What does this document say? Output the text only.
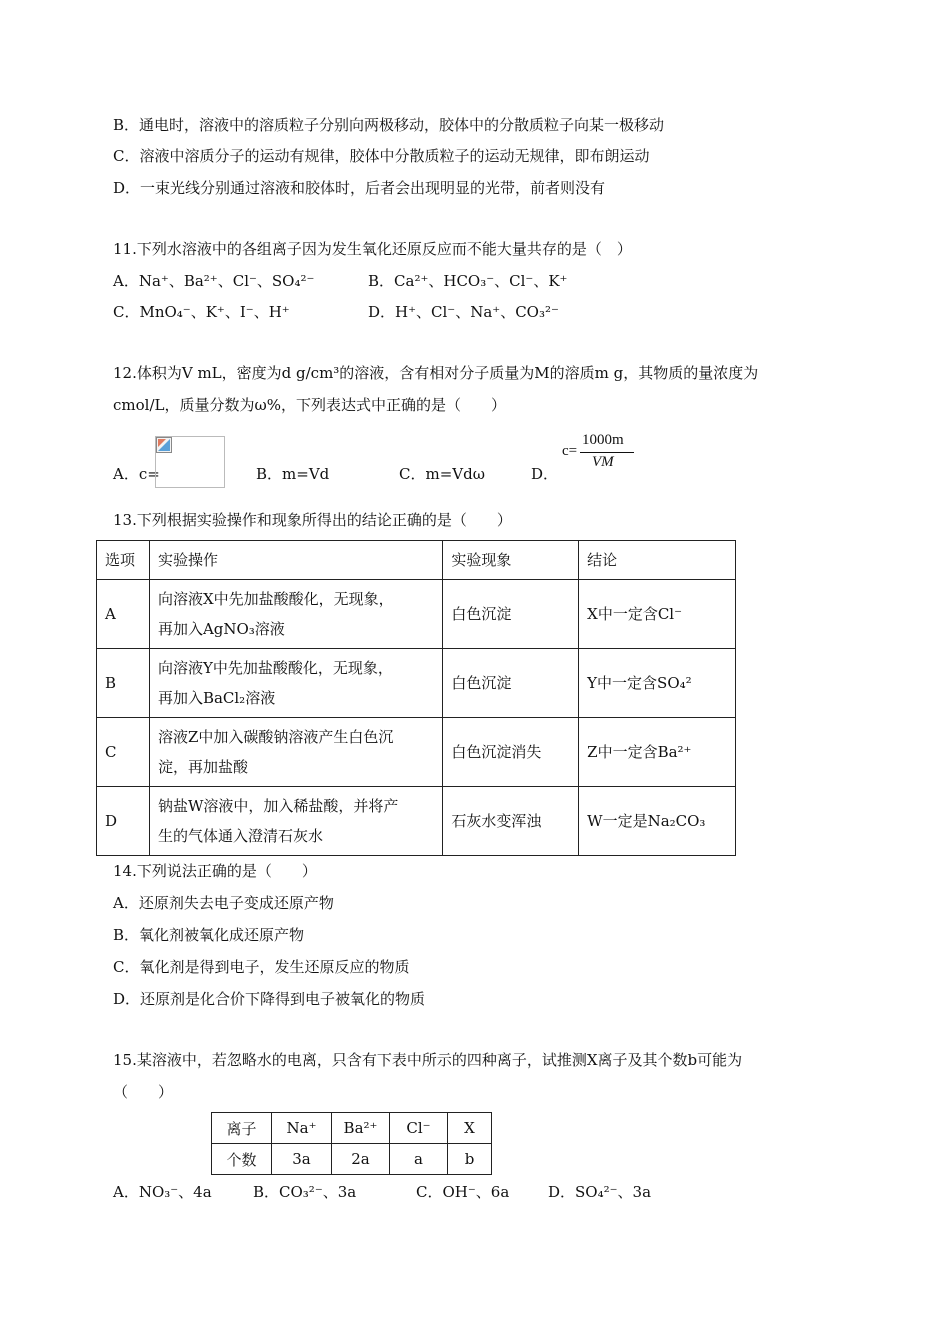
B．通电时，溶液中的溶质粒子分别向两极移动，胶体中的分散质粒子向某一极移动
C．溶液中溶质分子的运动有规律，胶体中分散质粒子的运动无规律，即布朗运动
D．一束光线分别通过溶液和胶体时，后者会出现明显的光带，前者则没有
11.下列水溶液中的各组离子因为发生氧化还原反应而不能大量共存的是（　）
A．Na⁺、Ba²⁺、Cl⁻、SO₄²⁻	B．Ca²⁺、HCO₃⁻、Cl⁻、K⁺
C．MnO₄⁻、K⁺、I⁻、H⁺	D．H⁺、Cl⁻、Na⁺、CO₃²⁻
12.体积为V mL，密度为d g/cm³的溶液，含有相对分子质量为M的溶质m g，其物质的量浓度为
cmol/L，质量分数为ω%，下列表达式中正确的是（　　）
A．c=	B．m=Vd	C．m=Vdω	D．
c=
1000m
VM
13.下列根据实验操作和现象所得出的结论正确的是（　　）
选项	实验操作	实验现象	结论
A	向溶液X中先加盐酸酸化，无现象，
再加入AgNO₃溶液	白色沉淀	X中一定含Cl⁻
B	向溶液Y中先加盐酸酸化，无现象，
再加入BaCl₂溶液	白色沉淀	Y中一定含SO₄²
C	溶液Z中加入碳酸钠溶液产生白色沉
淀，再加盐酸	白色沉淀消失	Z中一定含Ba²⁺
D	钠盐W溶液中，加入稀盐酸，并将产
生的气体通入澄清石灰水	石灰水变浑浊	W一定是Na₂CO₃
14.下列说法正确的是（　　）
A．还原剂失去电子变成还原产物
B．氧化剂被氧化成还原产物
C．氧化剂是得到电子，发生还原反应的物质
D．还原剂是化合价下降得到电子被氧化的物质
15.某溶液中，若忽略水的电离，只含有下表中所示的四种离子，试推测X离子及其个数b可能为
（　　）
离子	Na⁺	Ba²⁺	Cl⁻	X
个数	3a	2a	a	b
A．NO₃⁻、4a	B．CO₃²⁻、3a	C．OH⁻、6a	D．SO₄²⁻、3a
